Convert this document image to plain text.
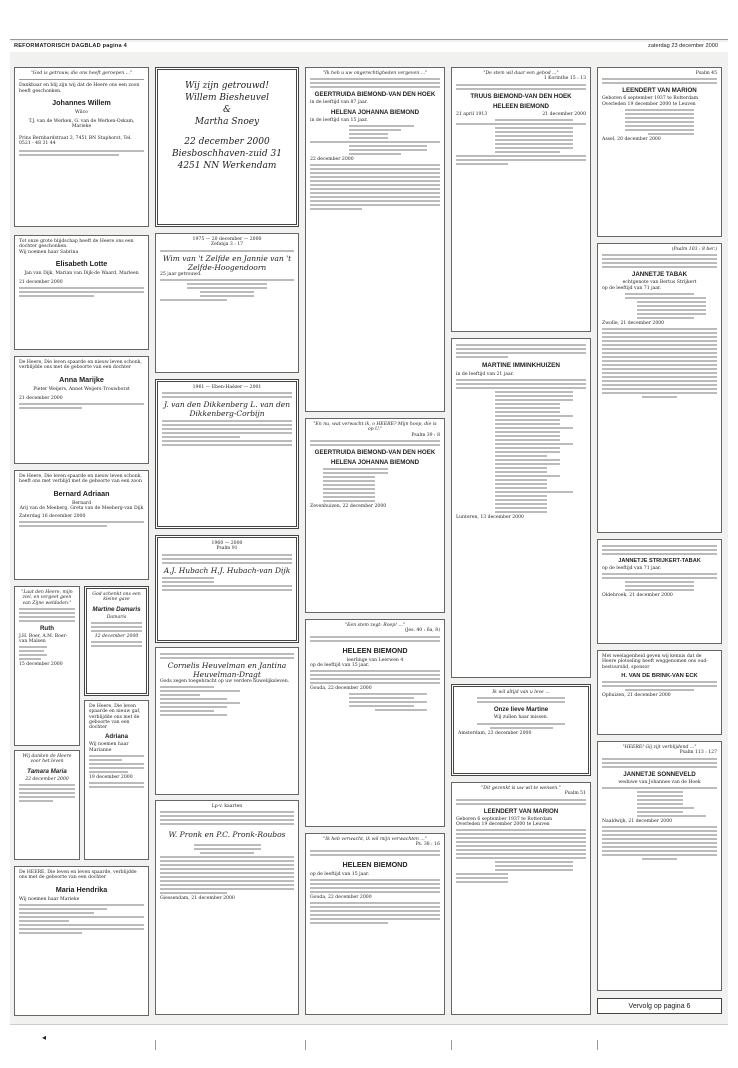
REFORMATORISCH DAGBLAD pagina 4	zaterdag 23 december 2000
"God is getrouw, die ons heeft geroepen ..."
Dankbaar en blij zijn wij dat de Heere ons een zoon heeft geschonken.
Johannes Willem
Wilco
T.J. van de Werken, G. van de Werken-Oskam, Marieke
Prins Bernhardstraat 3, 7451 BN Staphorst, Tel. 0521 - 48 31 44
Tot onze grote blijdschap heeft de Heere ons een dochter geschonken.
Wij noemen haar Sabrina
Elisabeth Lotte
Jan van Dijk, Marian van Dijk-de Waard, Marleen
21 december 2000
De Heere, Die leven spaarde en nieuw leven schonk, verblijdde ons met de geboorte van een dochter
Anna Marijke
Pieter Weijers, Annet Weijers-Trouwborst
21 december 2000
De Heere, Die leven spaarde en nieuw leven schonk, heeft ons met verblijd met de geboorte van een zoon
Bernard Adriaan
Bernard
Arij van de Meeberg, Greta van de Meeberg-van Dijk
Zaterdag 16 december 2000
"Laat den Heere, mijn ziel, en vergeet geen van Zijne weldaden."
Ruth
J.H. Boer, A.M. Boer-van Malsen
15 december 2000
God schenkt ons een kleine gave
Martine Damaris
Damaris
12 december 2000
Wij danken de Heere voor het leven
Tamara Maria
22 december 2000
De Heere, Die leven spaarde en nieuw gaf, verblijdde ons met de geboorte van een dochter
Adriana
Wij noemen haar Marianne
19 december 2000
De HEERE, Die leven en leven spaarde, verblijdde ons met de geboorte van een dochter
Maria Hendrika
Wij noemen haar Marieke
Wij zijn getrouwd!
Willem Biesheuvel
&
Martha Snoey
22 december 2000
Biesboschhaven-zuid 31
4251 NN Werkendam
1975 — 20 december — 2000
Zefanja 3 : 17
Wim van 't Zelfde en Jannie van 't Zelfde-Hoogendoorn
25 jaar getrouwd.
1961 — Eben-Haëzer — 2001
J. van den Dikkenberg L. van den Dikkenberg-Corbijn
1960 — 2000
Psalm 91
A.J. Hubach H.J. Hubach-van Dijk
Cornelis Heuvelman en Jantina Heuvelman-Dragt
Gods zegen toegebracht op uw verdere huwelijksleven.
Lp-v. kaarten
W. Pronk en P.C. Pronk-Roubos
Giessendam, 21 december 2000
"Ik heb u uw ongerechtigheden vergeven ..."
GEERTRUIDA BIEMOND-VAN DEN HOEK
in de leeftijd van 87 jaar.
HELENA JOHANNA BIEMOND
in de leeftijd van 15 jaar.
22 december 2000
"En nu, wat verwacht ik, o HEERE? Mijn hoop, die is op U."
Psalm 39 : 8
GEERTRUIDA BIEMOND-VAN DEN HOEK
HELENA JOHANNA BIEMOND
Zevenhuizen, 22 december 2000
"Een stem zegt: Roep! ..."
(Jes. 40 : 6a, 8)
HELEEN BIEMOND
leerlinge van Leerwen 4
op de leeftijd van 15 jaar.
Gouda, 22 december 2000
"Ik heb verwacht, ik wil mijn verwachten ..."
Ps. 38 : 16
HELEEN BIEMOND
op de leeftijd van 15 jaar.
Gouda, 22 december 2000
"De stem wil daar een gebod ..."
1 Korinthe 15 : 13
TRUUS BIEMOND-VAN DEN HOEK
HELEEN BIEMOND
21 april 1913	21 december 2000
MARTINE IMMINKHUIZEN
in de leeftijd van 21 jaar.
Lunteren, 13 december 2000
Ik wil altijd van u leve ...
Onze lieve Martine
Wij zullen haar missen.
Amsterdam, 23 december 2000
"Dit gezenkt is uw wil te wensen."
Psalm 51
LEENDERT VAN MARION
Geboren 6 september 1937 te Rotterdam
Overleden 19 december 2000 te Leuven
Psalm 45
LEENDERT VAN MARION
Geboren 6 september 1937 te Rotterdam
Overleden 19 december 2000 te Leuven
Assel, 20 december 2000
(Psalm 103 : 8 ber.)
JANNETJE TABAK
echtgenote van Bertus Strijkert
op de leeftijd van 71 jaar.
Zwolle, 21 december 2000
JANNETJE STRIJKERT-TABAK
op de leeftijd van 71 jaar.
Oldebroek, 21 december 2000
Met weelagenheid geven wij kennis dat de Heere plotseling heeft weggenomen ons oud-bestuurslid, sponsor
H. VAN DE BRINK-VAN ECK
Ophuizen, 21 december 2000
"HEERE! Gij zijt verblijdend ..."
Psalm 113 : 127
JANNETJE SONNEVELD
weduwe van Johannes van de Hoek
Naaldwijk, 21 december 2000
Vervolg op pagina 6
◂
